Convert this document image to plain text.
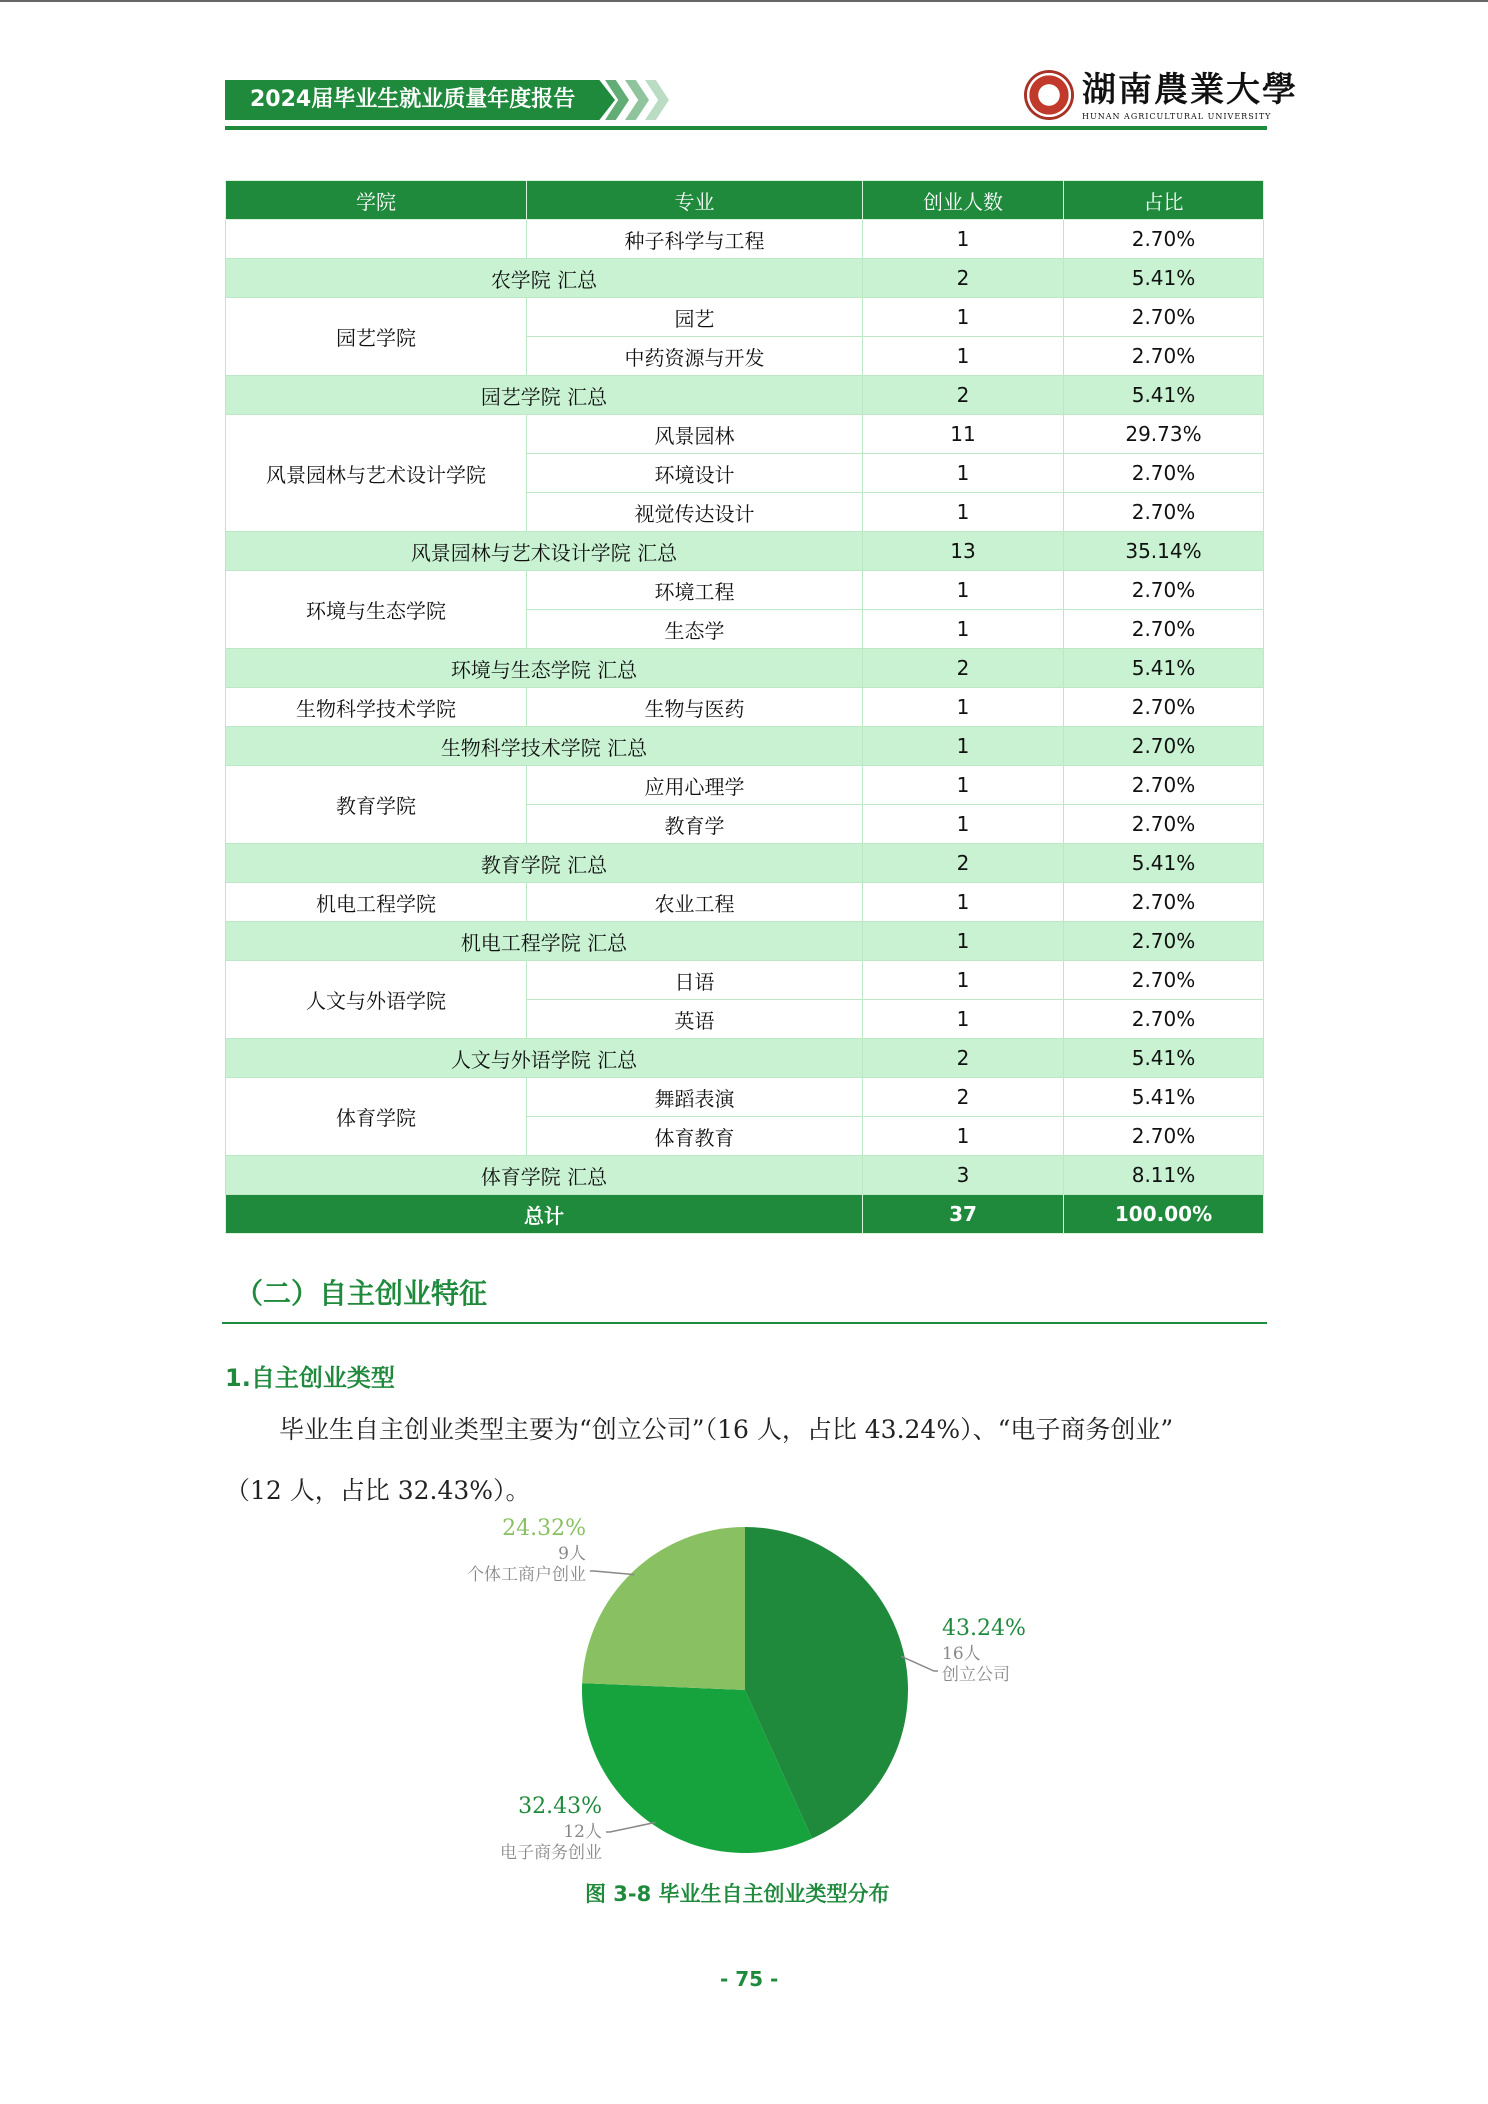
2024届毕业生就业质量年度报告	湖南農業大學
HUNAN AGRICULTURAL UNIVERSITY
学院	专业	创业人数	占比
	种子科学与工程	1	2.70%
农学院 汇总		2	5.41%
园艺学院	园艺	1	2.70%
	中药资源与开发	1	2.70%
园艺学院 汇总		2	5.41%
风景园林与艺术设计学院	风景园林	11	29.73%
	环境设计	1	2.70%
	视觉传达设计	1	2.70%
风景园林与艺术设计学院 汇总		13	35.14%
环境与生态学院	环境工程	1	2.70%
	生态学	1	2.70%
环境与生态学院 汇总		2	5.41%
生物科学技术学院	生物与医药	1	2.70%
生物科学技术学院 汇总		1	2.70%
教育学院	应用心理学	1	2.70%
	教育学	1	2.70%
教育学院 汇总		2	5.41%
机电工程学院	农业工程	1	2.70%
机电工程学院 汇总		1	2.70%
人文与外语学院	日语	1	2.70%
	英语	1	2.70%
人文与外语学院 汇总		2	5.41%
体育学院	舞蹈表演	2	5.41%
	体育教育	1	2.70%
体育学院 汇总		3	8.11%
总计		37	100.00%
（二）自主创业特征
1.自主创业类型
毕业生自主创业类型主要为“创立公司”（16 人，占比 43.24%）、“电子商务创业”
（12 人，占比 32.43%）。
43.24%
16人
创立公司
32.43%
12人
电子商务创业
24.32%
9人
个体工商户创业
图 3-8 毕业生自主创业类型分布
- 75 -
